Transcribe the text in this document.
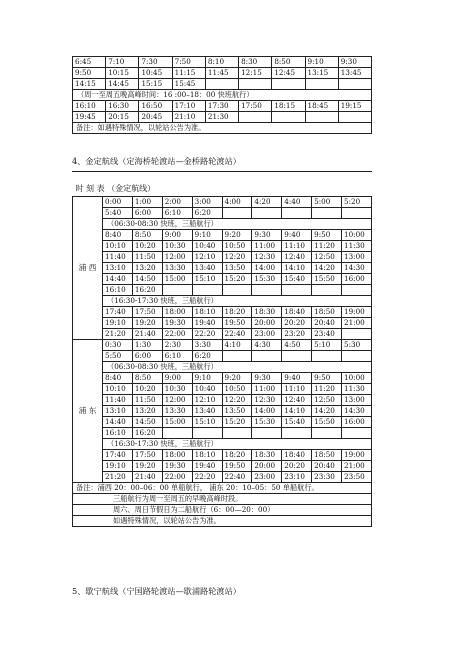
6:45	7:10	7:30	7:50	8:10	8:30	8:50	9:10	9:30
9:50	10:15	10:45	11:15	11:45	12:15	12:45	13:15	13:45
14:15	14:45	15:15	15:45					
（周一至周五晚高峰时间：16 :00–18：00 快班航行）								
16:10	16:30	16:50	17:10	17:30	17:50	18:15	18:45	19:15
19:45	20:15	20:45	21:10	21:30				
备注：如遇特殊情况，以轮站公告为准。								
4、金定航线（定海桥轮渡站—金桥路轮渡站）
时 刻 表 （金定航线）									
浦 西	0:00	1:00	2:00	3:00	4:00	4:20	4:40	5:00	5:20
	5:40	6:00	6:10	6:20					
	（06:30-08:30 快班，三船航行）								
	8:40	8:50	9:00	9:10	9:20	9:30	9:40	9:50	10:00
	10:10	10:20	10:30	10:40	10:50	11:00	11:10	11:20	11:30
	11:40	11:50	12:00	12:10	12:20	12:30	12:40	12:50	13:00
	13:10	13:20	13:30	13:40	13:50	14:00	14:10	14:20	14:30
	14:40	14:50	15:00	15:10	15:20	15:30	15:40	15:50	16:00
	16:10	16:20							
	（16:30-17:30 快班，三船航行）								
	17:40	17:50	18:00	18:10	18:20	18:30	18:40	18:50	19:00
	19:10	19:20	19:30	19:40	19:50	20:00	20:20	20:40	21:00
	21:20	21:40	22:00	22:20	22:40	23:00	23:20	23:40	
浦 东	0:30	1:30	2:30	3:30	4:10	4:30	4:50	5:10	5:30
	5:50	6:00	6:10	6:20					
	（06:30-08:30 快班，三船航行）								
	8:40	8:50	9:00	9:10	9:20	9:30	9:40	9:50	10:00
	10:10	10:20	10:30	10:40	10:50	11:00	11:10	11:20	11:30
	11:40	11:50	12:00	12:10	12:20	12:30	12:40	12:50	13:00
	13:10	13:20	13:30	13:40	13:50	14:00	14:10	14:20	14:30
	14:40	14:50	15:00	15:10	15:20	15:30	15:40	15:50	16:00
	16:10	16:20							
	（16:30-17:30 快班，三船航行）								
	17:40	17:50	18:00	18:10	18:20	18:30	18:40	18:50	19:00
	19:10	19:20	19:30	19:40	19:50	20:00	20:20	20:40	21:00
	21:20	21:40	22:00	22:20	22:40	23:00	23:10	23:30	23:50
备注：浦西 20：00–06：00 单船航行， 浦东 20：10–05：50 单船航行。									
三船航行为周一至周五的早晚高峰时段。									
周六、周日节假日为二船航行（6：00—20：00）									
如遇特殊情况，以轮站公告为准。									
5、歇宁航线（宁国路轮渡站—歇浦路轮渡站）
